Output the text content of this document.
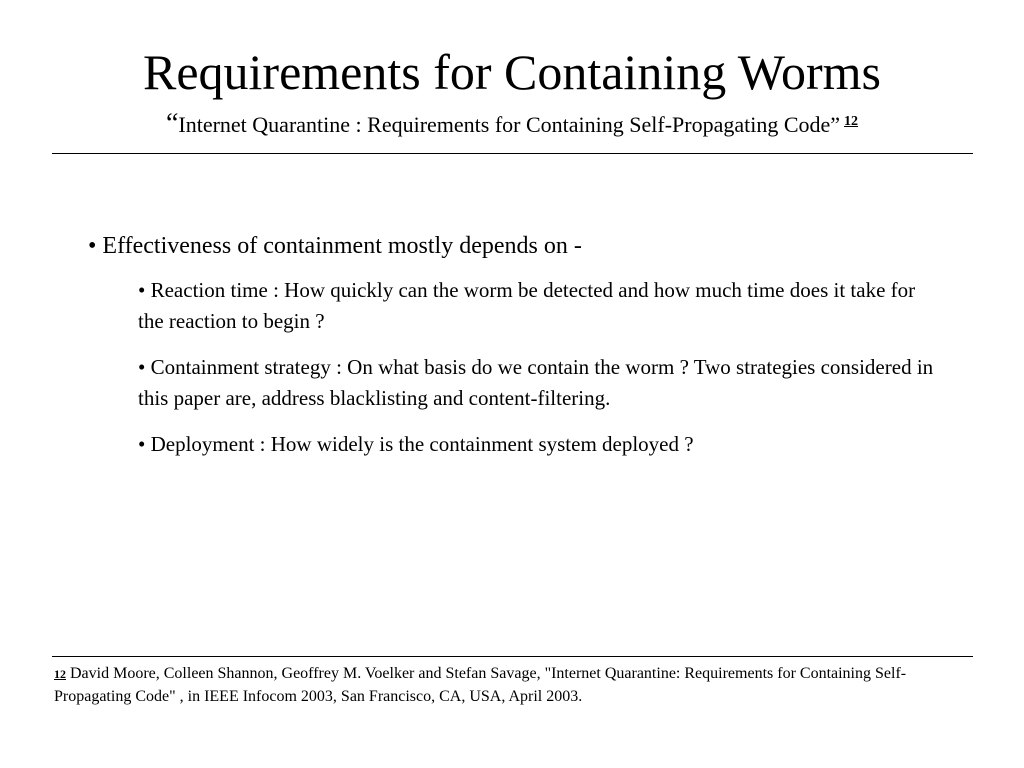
Requirements for Containing Worms
“Internet Quarantine : Requirements for Containing Self-Propagating Code” $^{12}$
• Effectiveness of containment mostly depends on -
• Reaction time : How quickly can the worm be detected and how much time does it take for the reaction to begin ?
• Containment strategy : On what basis do we contain the worm ? Two strategies considered in this paper are, address blacklisting and content-filtering.
• Deployment : How widely is the containment system deployed ?
$^{12}$ David Moore, Colleen Shannon, Geoffrey M. Voelker and Stefan Savage, "Internet Quarantine: Requirements for Containing Self-Propagating Code" , in IEEE Infocom 2003, San Francisco, CA, USA, April 2003.
